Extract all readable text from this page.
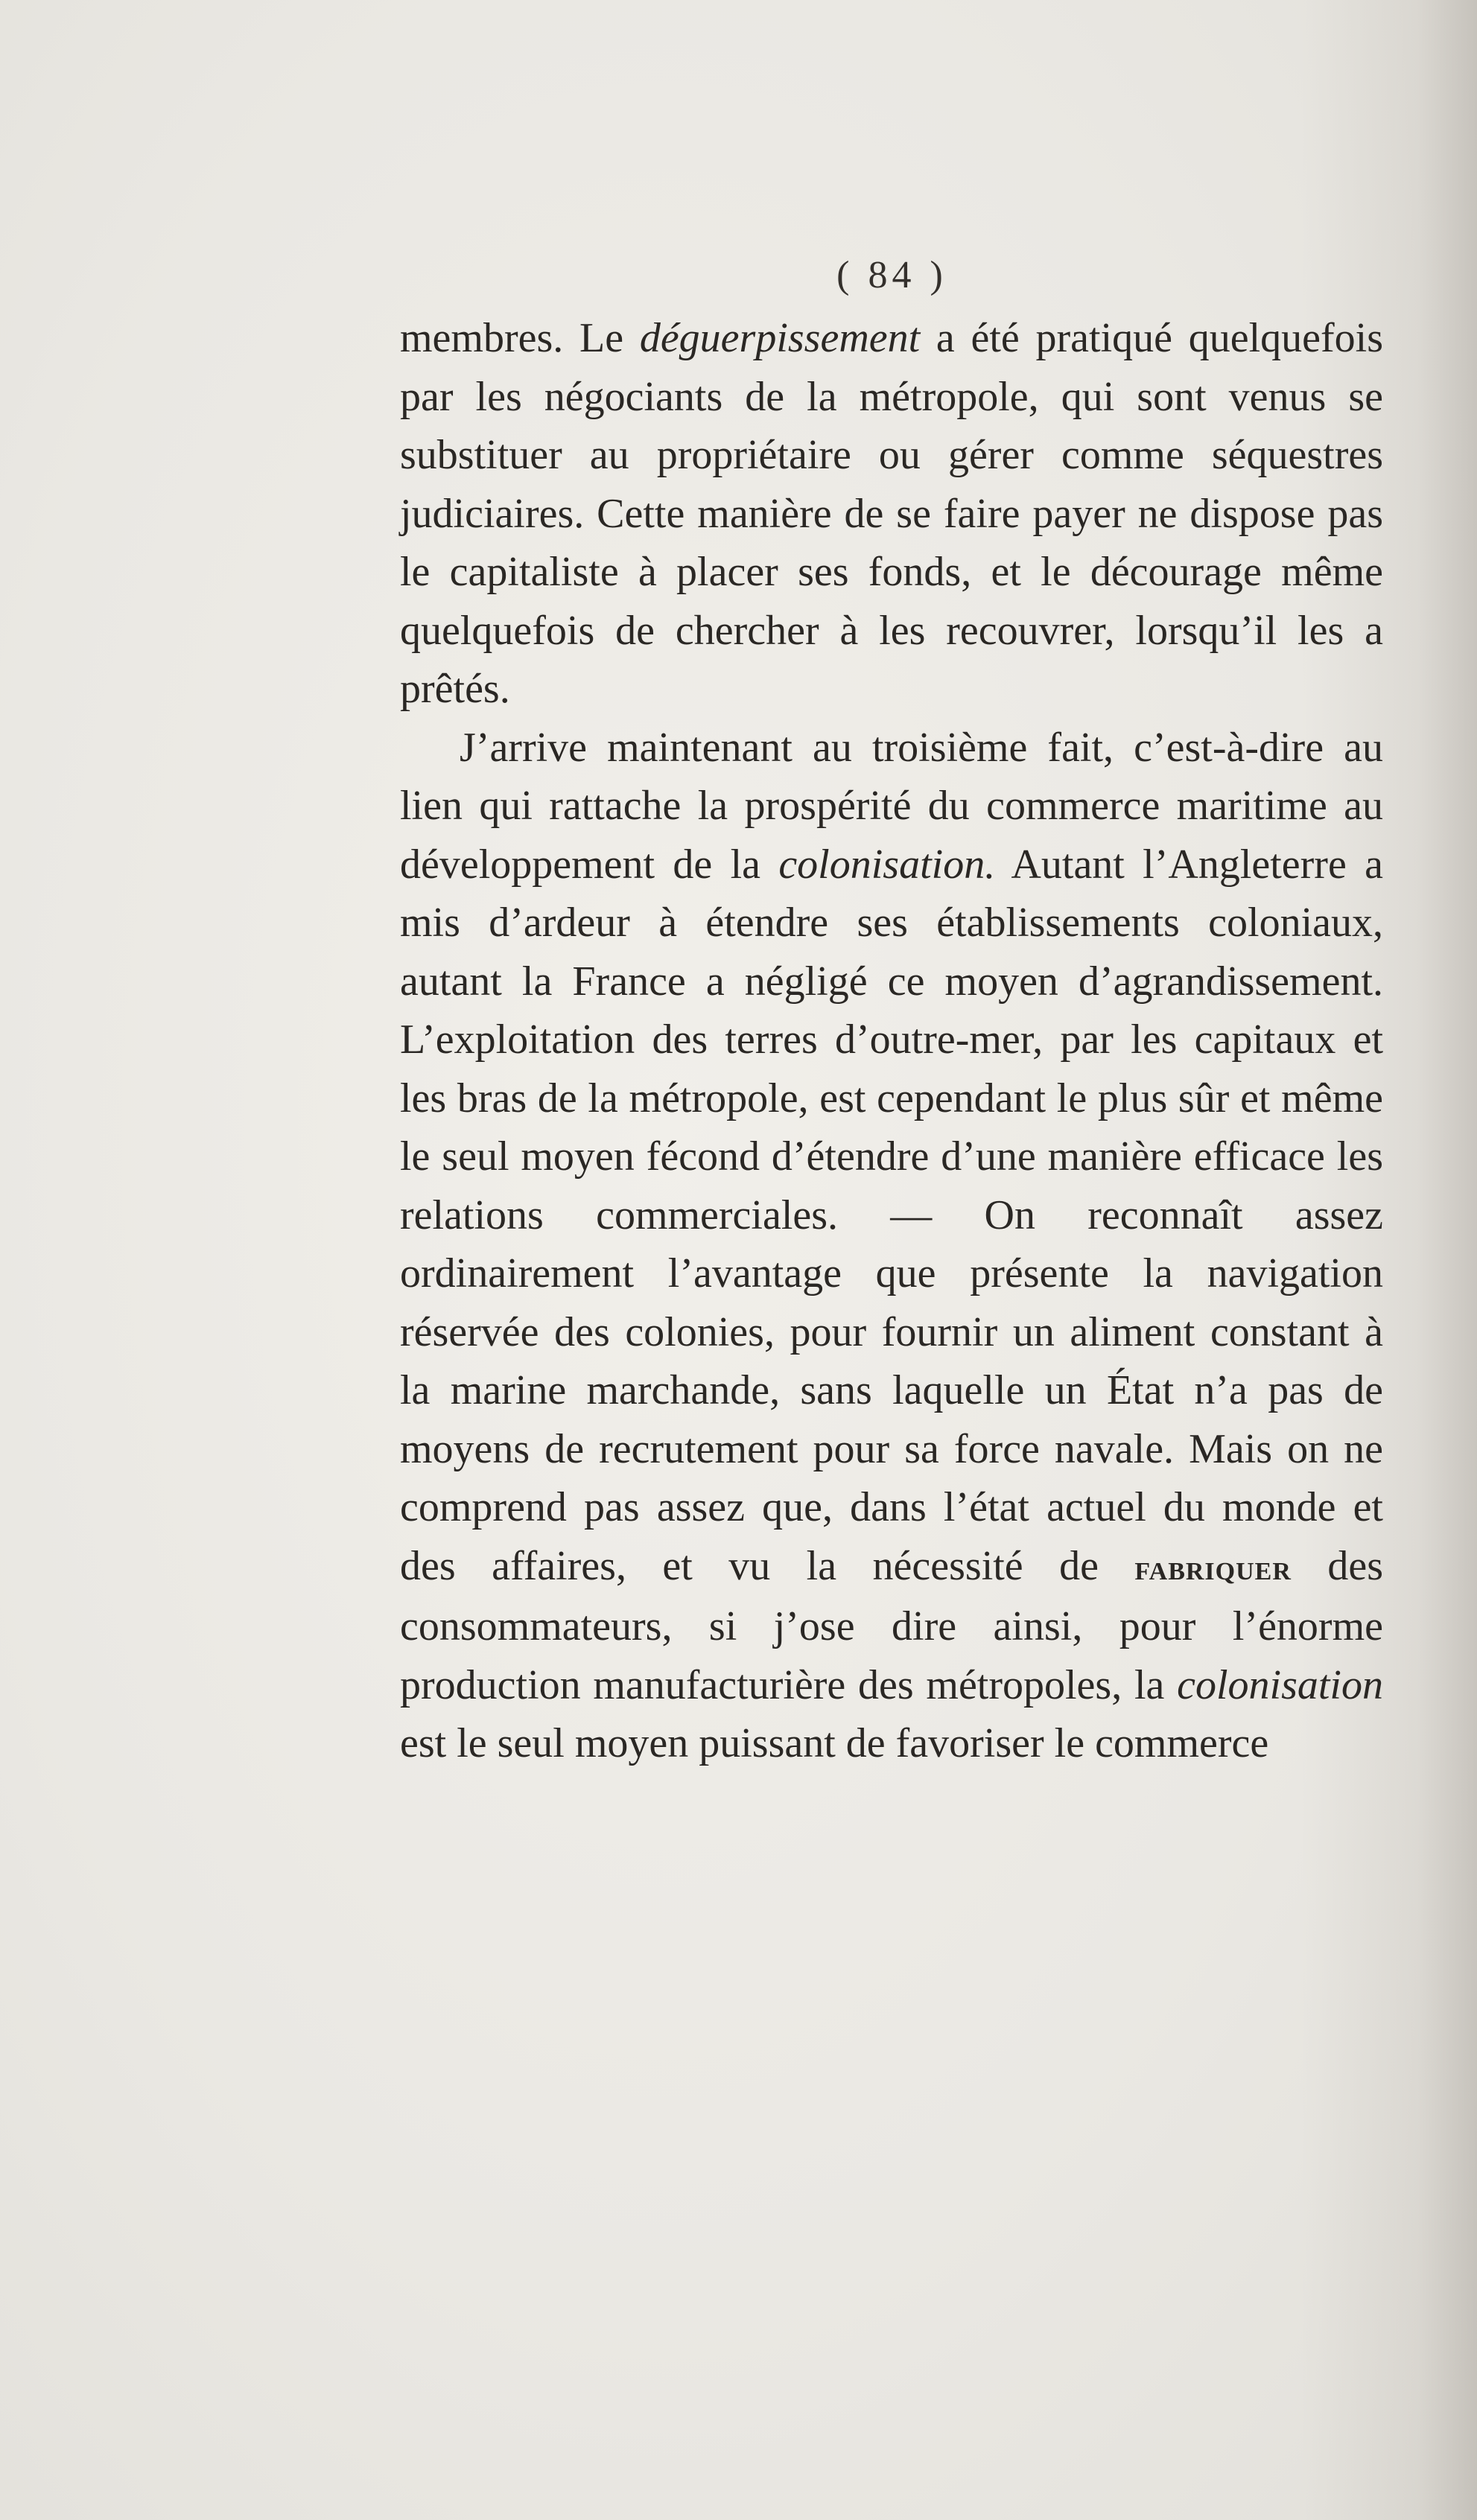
( 84 )

membres. Le déguerpissement a été pratiqué quelquefois par les négociants de la métropole, qui sont venus se substituer au propriétaire ou gérer comme séquestres judiciaires. Cette manière de se faire payer ne dispose pas le capitaliste à placer ses fonds, et le décourage même quelquefois de chercher à les recouvrer, lorsqu’il les a prêtés.

J’arrive maintenant au troisième fait, c’est-à-dire au lien qui rattache la prospérité du commerce maritime au développement de la colonisation. Autant l’Angleterre a mis d’ardeur à étendre ses établissements coloniaux, autant la France a négligé ce moyen d’agrandissement. L’exploitation des terres d’outre-mer, par les capitaux et les bras de la métropole, est cependant le plus sûr et même le seul moyen fécond d’étendre d’une manière efficace les relations commerciales. — On reconnaît assez ordinairement l’avantage que présente la navigation réservée des colonies, pour fournir un aliment constant à la marine marchande, sans laquelle un État n’a pas de moyens de recrutement pour sa force navale. Mais on ne comprend pas assez que, dans l’état actuel du monde et des affaires, et vu la nécessité de fabriquer des consommateurs, si j’ose dire ainsi, pour l’énorme production manufacturière des métropoles, la colonisation est le seul moyen puissant de favoriser le commerce
